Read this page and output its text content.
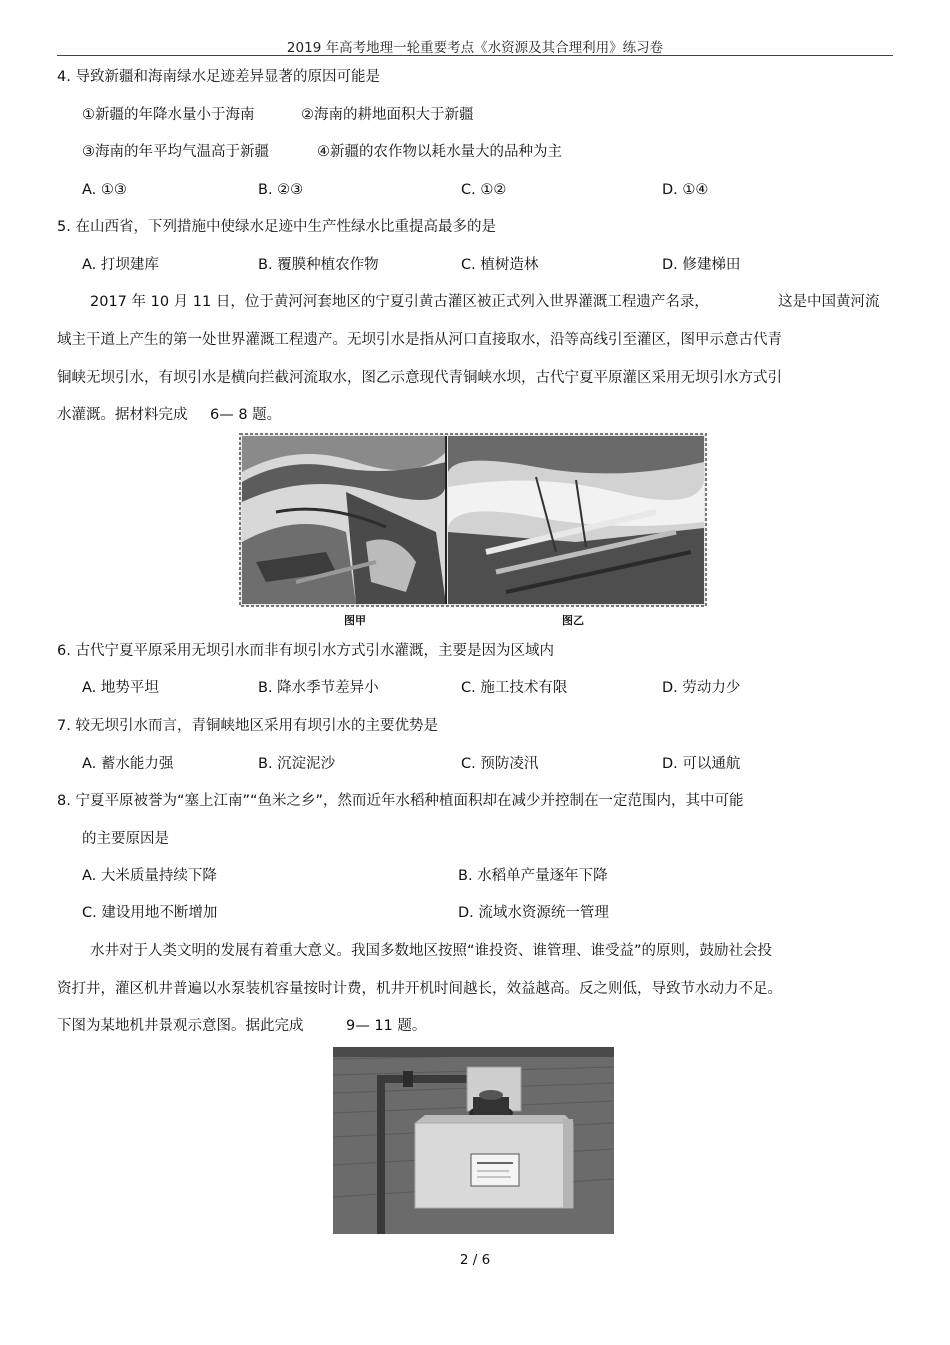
2019 年高考地理一轮重要考点《水资源及其合理利用》练习卷
4. 导致新疆和海南绿水足迹差异显著的原因可能是
①新疆的年降水量小于海南	②海南的耕地面积大于新疆
③海南的年平均气温高于新疆	④新疆的农作物以耗水量大的品种为主
A. ①③	B. ②③	C. ①②	D. ①④
5. 在山西省，下列措施中使绿水足迹中生产性绿水比重提高最多的是
A. 打坝建库	B. 覆膜种植农作物	C. 植树造林	D. 修建梯田
2017 年 10 月 11 日，位于黄河河套地区的宁夏引黄古灌区被正式列入世界灌溉工程遗产名录，	这是中国黄河流
域主干道上产生的第一处世界灌溉工程遗产。无坝引水是指从河口直接取水，沿等高线引至灌区，图甲示意古代青
铜峡无坝引水，有坝引水是横向拦截河流取水，图乙示意现代青铜峡水坝，古代宁夏平原灌区采用无坝引水方式引
水灌溉。据材料完成 6— 8 题。
图甲	图乙
6. 古代宁夏平原采用无坝引水而非有坝引水方式引水灌溉，主要是因为区域内
A. 地势平坦	B. 降水季节差异小	C. 施工技术有限	D. 劳动力少
7. 较无坝引水而言，青铜峡地区采用有坝引水的主要优势是
A. 蓄水能力强	B. 沉淀泥沙	C. 预防凌汛	D. 可以通航
8. 宁夏平原被誉为“塞上江南”“鱼米之乡”，然而近年水稻种植面积却在减少并控制在一定范围内，其中可能
的主要原因是
A. 大米质量持续下降	B. 水稻单产量逐年下降
C. 建设用地不断增加	D. 流域水资源统一管理
水井对于人类文明的发展有着重大意义。我国多数地区按照“谁投资、谁管理、谁受益”的原则，鼓励社会投
资打井，灌区机井普遍以水泵装机容量按时计费，机井开机时间越长，效益越高。反之则低，导致节水动力不足。
下图为某地机井景观示意图。据此完成	9— 11 题。
2 / 6
